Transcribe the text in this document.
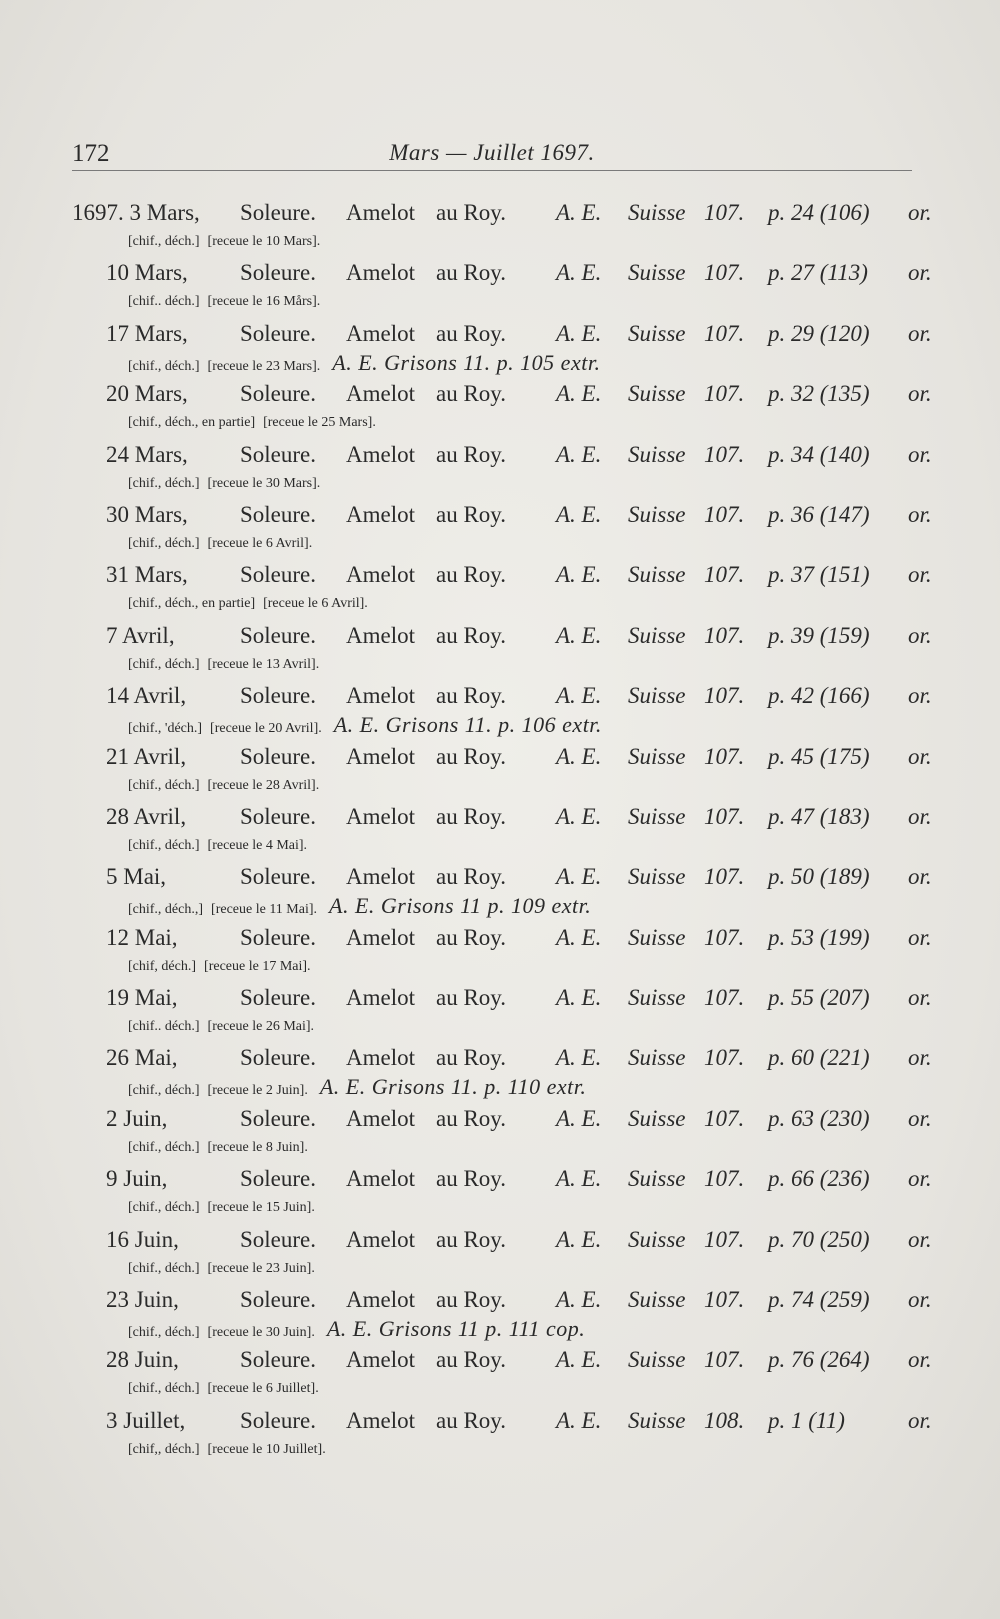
172	Mars — Juillet 1697.
1697. 3 Mars,	Soleure.	Amelot au Roy.	A. E.	Suisse 107.	p. 24 (106)	or.
[chif., déch.] [receue le 10 Mars].
10 Mars,	Soleure.	Amelot au Roy.	A. E.	Suisse 107.	p. 27 (113)	or.
[chif.. déch.] [receue le 16 Mårs].
17 Mars,	Soleure.	Amelot au Roy.	A. E.	Suisse 107.	p. 29 (120)	or.
[chif., déch.] [receue le 23 Mars]. A. E. Grisons 11. p. 105 extr.
20 Mars,	Soleure.	Amelot au Roy.	A. E.	Suisse 107.	p. 32 (135)	or.
[chif., déch., en partie] [receue le 25 Mars].
24 Mars,	Soleure.	Amelot au Roy.	A. E.	Suisse 107.	p. 34 (140)	or.
[chif., déch.] [receue le 30 Mars].
30 Mars,	Soleure.	Amelot au Roy.	A. E.	Suisse 107.	p. 36 (147)	or.
[chif., déch.] [receue le 6 Avril].
31 Mars,	Soleure.	Amelot au Roy.	A. E.	Suisse 107.	p. 37 (151)	or.
[chif., déch., en partie] [receue le 6 Avril].
7 Avril,	Soleure.	Amelot au Roy.	A. E.	Suisse 107.	p. 39 (159)	or.
[chif., déch.] [receue le 13 Avril].
14 Avril,	Soleure.	Amelot au Roy.	A. E.	Suisse 107.	p. 42 (166)	or.
[chif., 'déch.] [receue le 20 Avril]. A. E. Grisons 11. p. 106 extr.
21 Avril,	Soleure.	Amelot au Roy.	A. E.	Suisse 107.	p. 45 (175)	or.
[chif., déch.] [receue le 28 Avril].
28 Avril,	Soleure.	Amelot au Roy.	A. E.	Suisse 107.	p. 47 (183)	or.
[chif., déch.] [receue le 4 Mai].
5 Mai,	Soleure.	Amelot au Roy.	A. E.	Suisse 107.	p. 50 (189)	or.
[chif., déch.,] [receue le 11 Mai]. A. E. Grisons 11 p. 109 extr.
12 Mai,	Soleure.	Amelot au Roy.	A. E.	Suisse 107.	p. 53 (199)	or.
[chif, déch.] [receue le 17 Mai].
19 Mai,	Soleure.	Amelot au Roy.	A. E.	Suisse 107.	p. 55 (207)	or.
[chif.. déch.] [receue le 26 Mai].
26 Mai,	Soleure.	Amelot au Roy.	A. E.	Suisse 107.	p. 60 (221)	or.
[chif., déch.] [receue le 2 Juin]. A. E. Grisons 11. p. 110 extr.
2 Juin,	Soleure.	Amelot au Roy.	A. E.	Suisse 107.	p. 63 (230)	or.
[chif., déch.] [receue le 8 Juin].
9 Juin,	Soleure.	Amelot au Roy.	A. E.	Suisse 107.	p. 66 (236)	or.
[chif., déch.] [receue le 15 Juin].
16 Juin,	Soleure.	Amelot au Roy.	A. E.	Suisse 107.	p. 70 (250)	or.
[chif., déch.] [receue le 23 Juin].
23 Juin,	Soleure.	Amelot au Roy.	A. E.	Suisse 107.	p. 74 (259)	or.
[chif., déch.] [receue le 30 Juin]. A. E. Grisons 11 p. 111 cop.
28 Juin,	Soleure.	Amelot au Roy.	A. E.	Suisse 107.	p. 76 (264)	or.
[chif., déch.] [receue le 6 Juillet].
3 Juillet,	Soleure.	Amelot au Roy.	A. E.	Suisse 108.	p. 1 (11)	or.
[chif,, déch.] [receue le 10 Juillet].
